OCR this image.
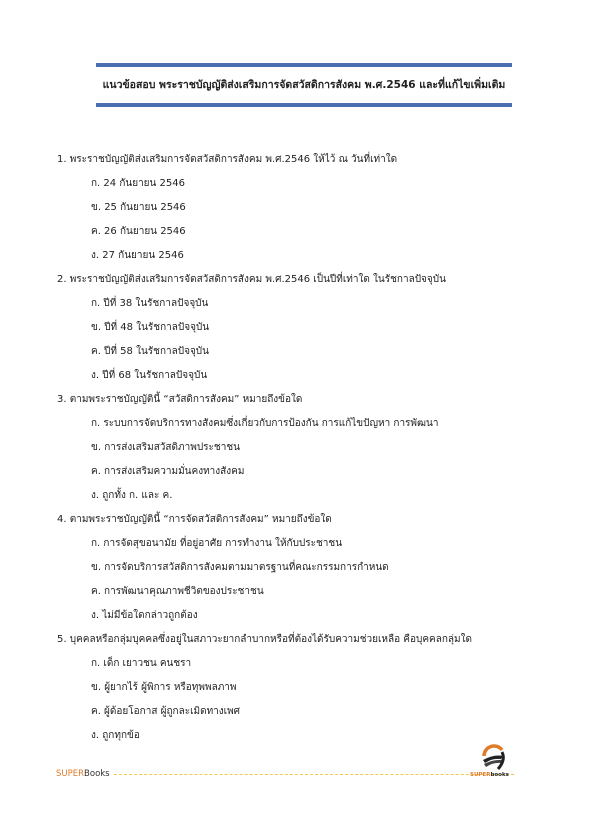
แนวข้อสอบ พระราชบัญญัติส่งเสริมการจัดสวัสดิการสังคม พ.ศ.2546 และที่แก้ไขเพิ่มเติม
1. พระราชบัญญัติส่งเสริมการจัดสวัสดิการสังคม พ.ศ.2546 ให้ไว้ ณ วันที่เท่าใด
ก. 24 กันยายน 2546
ข. 25 กันยายน 2546
ค. 26 กันยายน 2546
ง. 27 กันยายน 2546
2. พระราชบัญญัติส่งเสริมการจัดสวัสดิการสังคม พ.ศ.2546 เป็นปีที่เท่าใด ในรัชกาลปัจจุบัน
ก. ปีที่ 38 ในรัชกาลปัจจุบัน
ข. ปีที่ 48 ในรัชกาลปัจจุบัน
ค. ปีที่ 58 ในรัชกาลปัจจุบัน
ง. ปีที่ 68 ในรัชกาลปัจจุบัน
3. ตามพระราชบัญญัตินี้ “สวัสดิการสังคม” หมายถึงข้อใด
ก. ระบบการจัดบริการทางสังคมซึ่งเกี่ยวกับการป้องกัน การแก้ไขปัญหา การพัฒนา
ข. การส่งเสริมสวัสดิภาพประชาชน
ค. การส่งเสริมความมั่นคงทางสังคม
ง. ถูกทั้ง ก. และ ค.
4. ตามพระราชบัญญัตินี้ “การจัดสวัสดิการสังคม” หมายถึงข้อใด
ก. การจัดสุขอนามัย ที่อยู่อาศัย การทำงาน ให้กับประชาชน
ข. การจัดบริการสวัสดิการสังคมตามมาตรฐานที่คณะกรรมการกำหนด
ค. การพัฒนาคุณภาพชีวิตของประชาชน
ง. ไม่มีข้อใดกล่าวถูกต้อง
5. บุคคลหรือกลุ่มบุคคลซึ่งอยู่ในสภาวะยากลำบากหรือที่ต้องได้รับความช่วยเหลือ คือบุคคลกลุ่มใด
ก. เด็ก เยาวชน คนชรา
ข. ผู้ยากไร้ ผู้พิการ หรือทุพพลภาพ
ค. ผู้ด้อยโอกาส ผู้ถูกละเมิดทางเพศ
ง. ถูกทุกข้อ
SUPERBooks	SUPERbooks
